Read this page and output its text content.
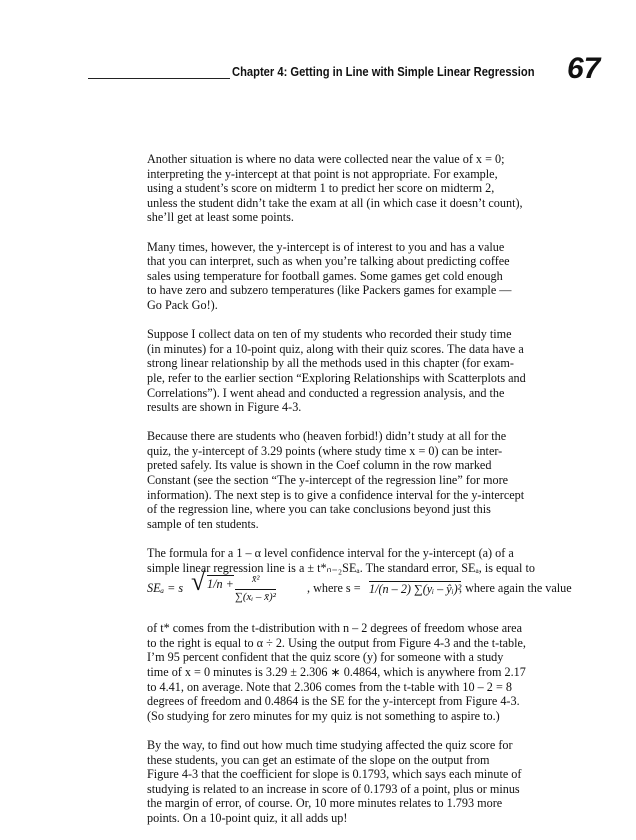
Chapter 4: Getting in Line with Simple Linear Regression 67
Another situation is where no data were collected near the value of x = 0;
interpreting the y-intercept at that point is not appropriate. For example,
using a student’s score on midterm 1 to predict her score on midterm 2,
unless the student didn’t take the exam at all (in which case it doesn’t count),
she’ll get at least some points.
Many times, however, the y-intercept is of interest to you and has a value
that you can interpret, such as when you’re talking about predicting coffee
sales using temperature for football games. Some games get cold enough
to have zero and subzero temperatures (like Packers games for example —
Go Pack Go!).
Suppose I collect data on ten of my students who recorded their study time
(in minutes) for a 10-point quiz, along with their quiz scores. The data have a
strong linear relationship by all the methods used in this chapter (for exam-
ple, refer to the earlier section “Exploring Relationships with Scatterplots and
Correlations”). I went ahead and conducted a regression analysis, and the
results are shown in Figure 4-3.
Because there are students who (heaven forbid!) didn’t study at all for the
quiz, the y-intercept of 3.29 points (where study time x = 0) can be inter-
preted safely. Its value is shown in the Coef column in the row marked
Constant (see the section “The y-intercept of the regression line” for more
information). The next step is to give a confidence interval for the y-intercept
of the regression line, where you can take conclusions beyond just this
sample of ten students.
The formula for a 1 – α level confidence interval for the y-intercept (a) of a
simple linear regression line is a ± t*ₙ₋₂SEₐ. The standard error, SEₐ, is equal to
SEₐ = s √ 1/n + x̄²
∑(xᵢ – x̄)²
, where s = 1/(n – 2) ∑(yᵢ – ŷᵢ)²
, where again the value
of t* comes from the t-distribution with n – 2 degrees of freedom whose area
to the right is equal to α ÷ 2. Using the output from Figure 4-3 and the t-table,
I’m 95 percent confident that the quiz score (y) for someone with a study
time of x = 0 minutes is 3.29 ± 2.306 ∗ 0.4864, which is anywhere from 2.17
to 4.41, on average. Note that 2.306 comes from the t-table with 10 – 2 = 8
degrees of freedom and 0.4864 is the SE for the y-intercept from Figure 4-3.
(So studying for zero minutes for my quiz is not something to aspire to.)
By the way, to find out how much time studying affected the quiz score for
these students, you can get an estimate of the slope on the output from
Figure 4-3 that the coefficient for slope is 0.1793, which says each minute of
studying is related to an increase in score of 0.1793 of a point, plus or minus
the margin of error, of course. Or, 10 more minutes relates to 1.793 more
points. On a 10-point quiz, it all adds up!
